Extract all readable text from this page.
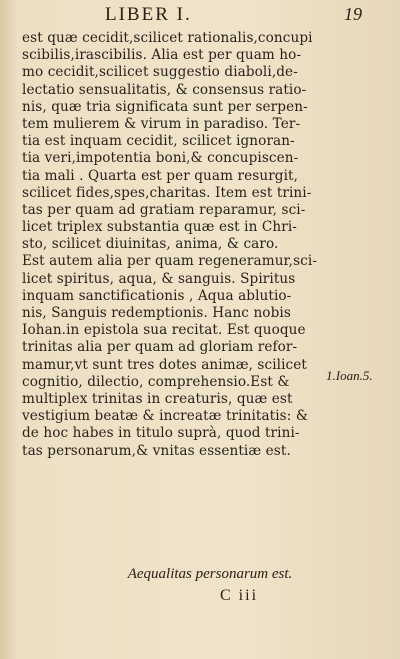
LIBER I.	19
est quæ cecidit,scilicet rationalis,concupi
scibilis,irascibilis. Alia est per quam ho-
mo cecidit,scilicet suggestio diaboli,de-
lectatio sensualitatis, & consensus ratio-
nis, quæ tria significata sunt per serpen-
tem mulierem & virum in paradiso. Ter-
tia est inquam cecidit, scilicet ignoran-
tia veri,impotentia boni,& concupiscen-
tia mali . Quarta est per quam resurgit,
scilicet fides,spes,charitas. Item est trini-
tas per quam ad gratiam reparamur, sci-
licet triplex substantia quæ est in Chri-
sto, scilicet diuinitas, anima, & caro.
Est autem alia per quam regeneramur,sci-
licet spiritus, aqua, & sanguis. Spiritus
inquam sanctificationis , Aqua ablutio-
nis, Sanguis redemptionis. Hanc nobis
Iohan.in epistola sua recitat. Est quoque
trinitas alia per quam ad gloriam refor-
mamur,vt sunt tres dotes animæ, scilicet
cognitio, dilectio, comprehensio.Est &
multiplex trinitas in creaturis, quæ est
vestigium beatæ & increatæ trinitatis: &
de hoc habes in titulo suprà, quod trini-
tas personarum,& vnitas essentiæ est.
1.Ioan.5.
Aequalitas personarum est.
C iii
